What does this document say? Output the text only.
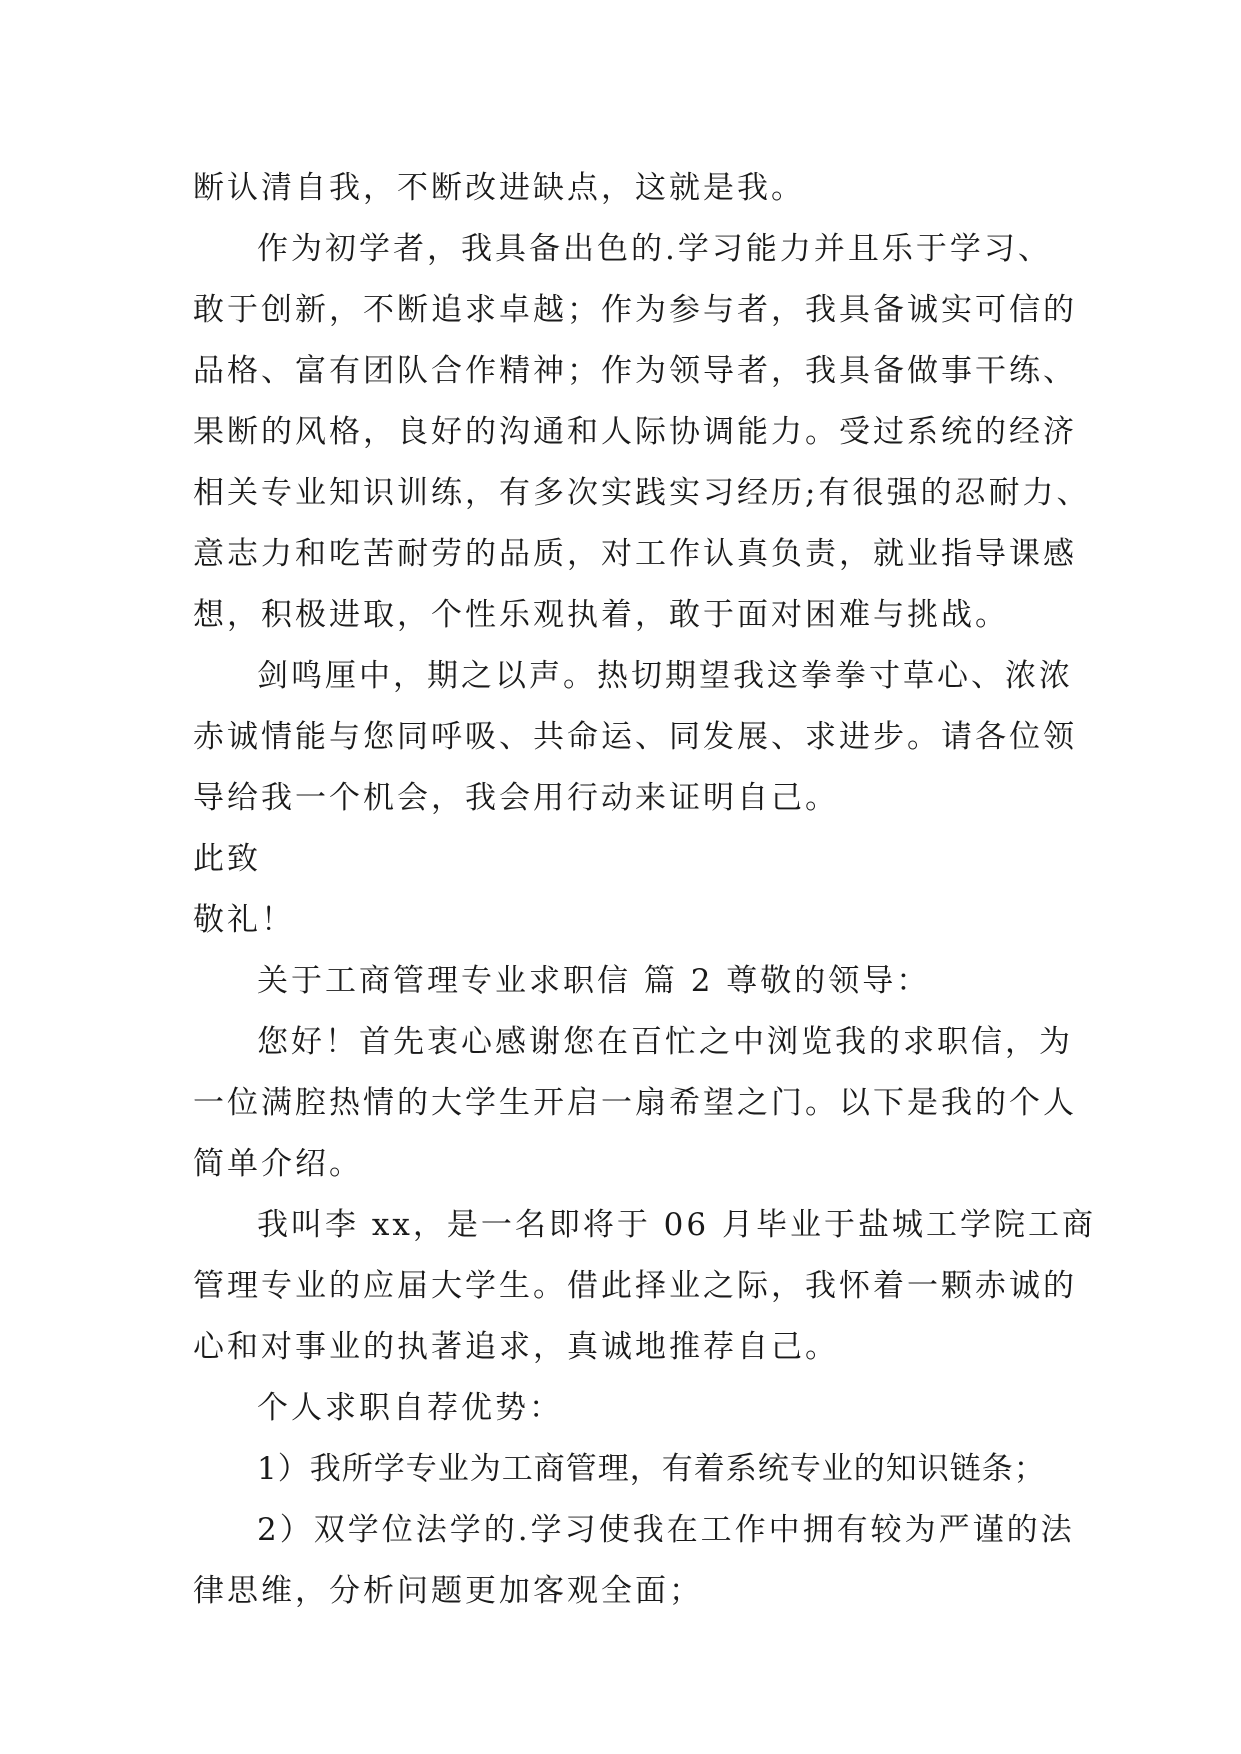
断认清自我，不断改进缺点，这就是我。
作为初学者，我具备出色的.学习能力并且乐于学习、
敢于创新，不断追求卓越；作为参与者，我具备诚实可信的
品格、富有团队合作精神；作为领导者，我具备做事干练、
果断的风格，良好的沟通和人际协调能力。受过系统的经济
相关专业知识训练，有多次实践实习经历;有很强的忍耐力、
意志力和吃苦耐劳的品质，对工作认真负责，就业指导课感
想，积极进取，个性乐观执着，敢于面对困难与挑战。
剑鸣厘中，期之以声。热切期望我这拳拳寸草心、浓浓
赤诚情能与您同呼吸、共命运、同发展、求进步。请各位领
导给我一个机会，我会用行动来证明自己。
此致
敬礼！
关于工商管理专业求职信 篇 2 尊敬的领导：
您好！首先衷心感谢您在百忙之中浏览我的求职信，为
一位满腔热情的大学生开启一扇希望之门。以下是我的个人
简单介绍。
我叫李 xx，是一名即将于 06 月毕业于盐城工学院工商
管理专业的应届大学生。借此择业之际，我怀着一颗赤诚的
心和对事业的执著追求，真诚地推荐自己。
个人求职自荐优势：
1）我所学专业为工商管理，有着系统专业的知识链条；
2）双学位法学的.学习使我在工作中拥有较为严谨的法
律思维，分析问题更加客观全面；
